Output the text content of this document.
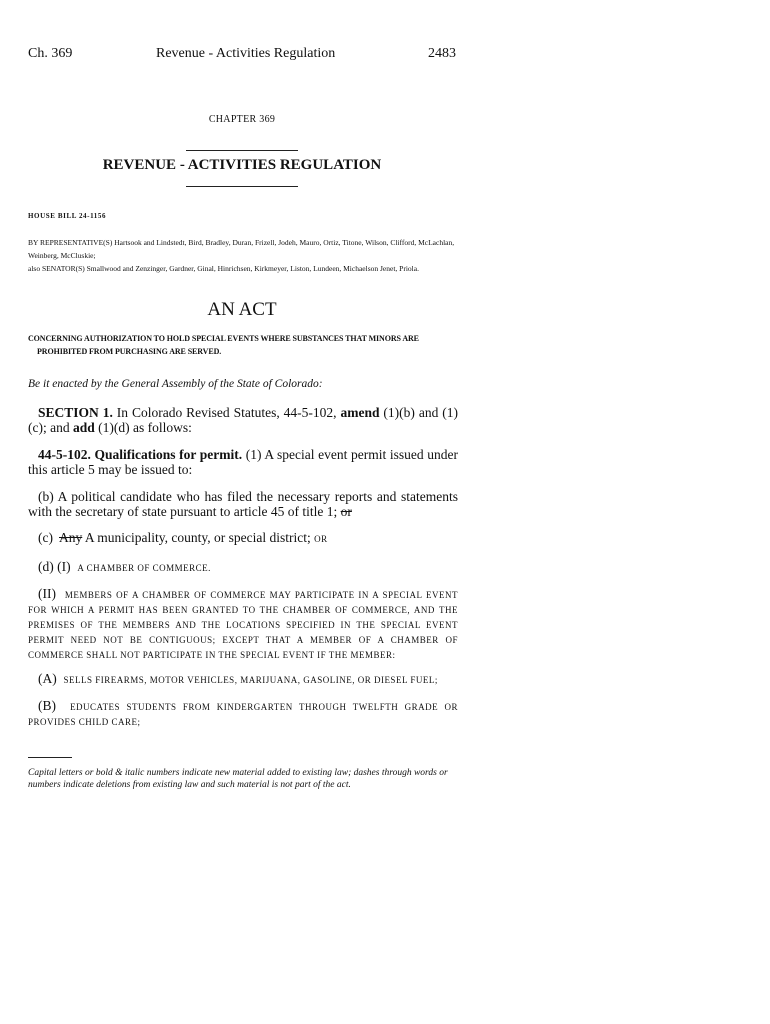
Ch. 369	Revenue - Activities Regulation	2483
CHAPTER 369
REVENUE - ACTIVITIES REGULATION
HOUSE BILL 24-1156
BY REPRESENTATIVE(S) Hartsook and Lindstedt, Bird, Bradley, Duran, Frizell, Jodeh, Mauro, Ortiz, Titone, Wilson, Clifford, McLachlan, Weinberg, McCluskie;
also SENATOR(S) Smallwood and Zenzinger, Gardner, Ginal, Hinrichsen, Kirkmeyer, Liston, Lundeen, Michaelson Jenet, Priola.
AN ACT
CONCERNING AUTHORIZATION TO HOLD SPECIAL EVENTS WHERE SUBSTANCES THAT MINORS ARE
PROHIBITED FROM PURCHASING ARE SERVED.
Be it enacted by the General Assembly of the State of Colorado:
SECTION 1. In Colorado Revised Statutes, 44-5-102, amend (1)(b) and (1)(c); and add (1)(d) as follows:
44-5-102. Qualifications for permit. (1) A special event permit issued under this article 5 may be issued to:
(b) A political candidate who has filed the necessary reports and statements with the secretary of state pursuant to article 45 of title 1; or
(c) Any A municipality, county, or special district; OR
(d) (I) A CHAMBER OF COMMERCE.
(II) MEMBERS OF A CHAMBER OF COMMERCE MAY PARTICIPATE IN A SPECIAL EVENT FOR WHICH A PERMIT HAS BEEN GRANTED TO THE CHAMBER OF COMMERCE, AND THE PREMISES OF THE MEMBERS AND THE LOCATIONS SPECIFIED IN THE SPECIAL EVENT PERMIT NEED NOT BE CONTIGUOUS; EXCEPT THAT A MEMBER OF A CHAMBER OF COMMERCE SHALL NOT PARTICIPATE IN THE SPECIAL EVENT IF THE MEMBER:
(A) SELLS FIREARMS, MOTOR VEHICLES, MARIJUANA, GASOLINE, OR DIESEL FUEL;
(B) EDUCATES STUDENTS FROM KINDERGARTEN THROUGH TWELFTH GRADE OR PROVIDES CHILD CARE;
Capital letters or bold & italic numbers indicate new material added to existing law; dashes through words or numbers indicate deletions from existing law and such material is not part of the act.
